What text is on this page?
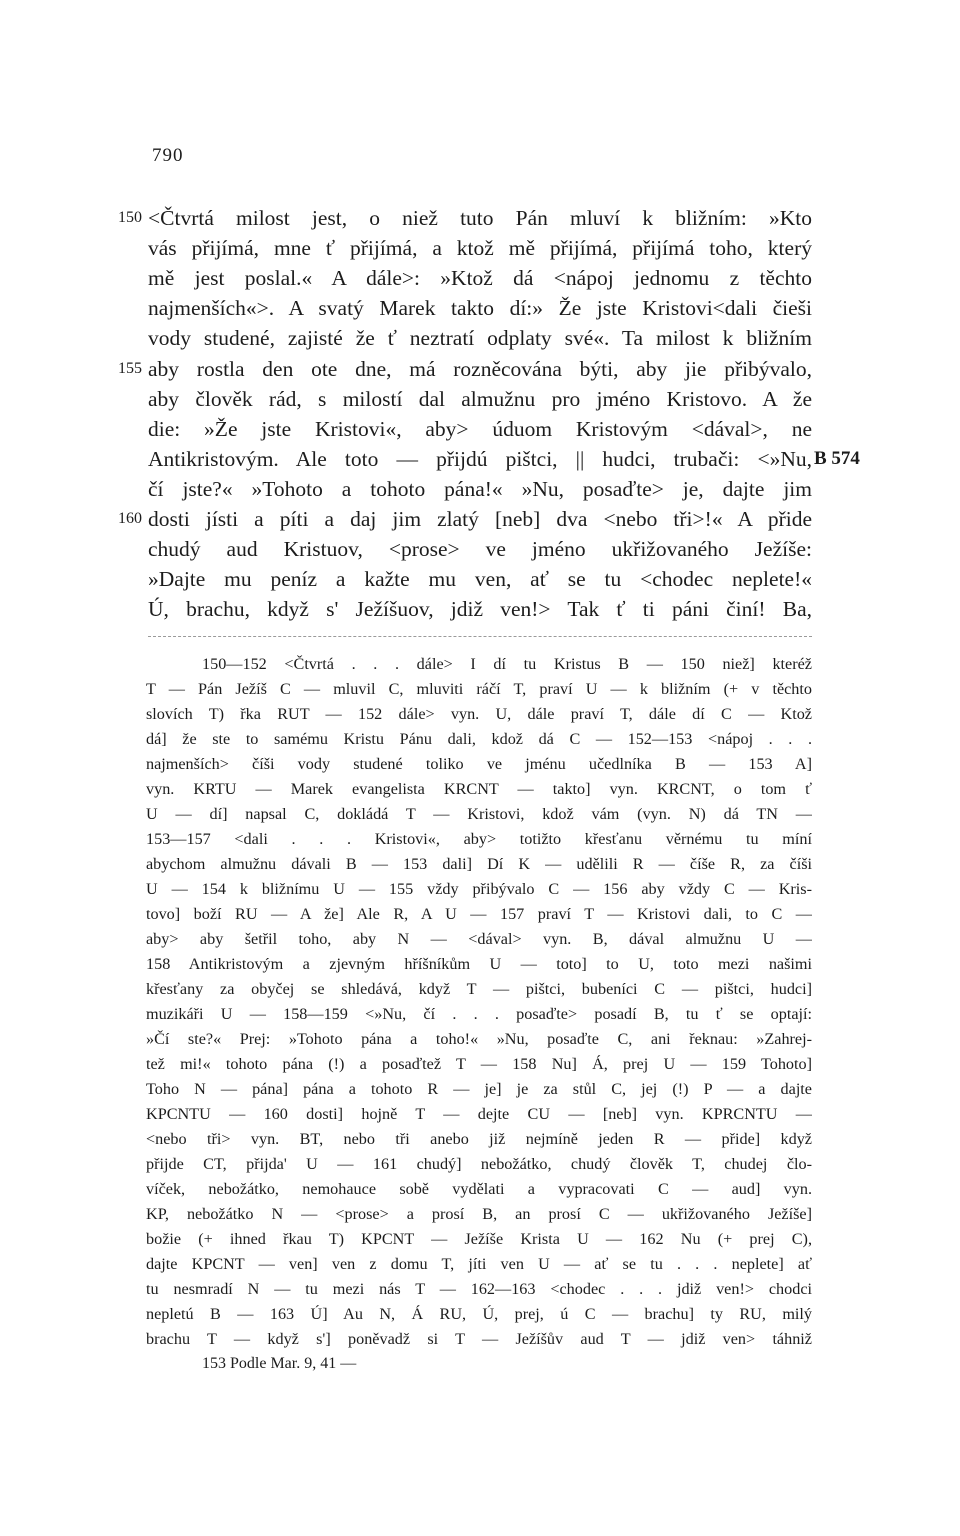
790
150 <Čtvrtá milost jest, o niež tuto Pán mluví k bližním: »Kto
vás přijímá, mne ť přijímá, a ktož mě přijímá, přijímá toho, který
mě jest poslal.« A dále>: »Ktož dá <nápoj jednomu z těchto
najmenších«>. A svatý Marek takto dí:» Že jste Kristovi<dali čieši
vody studené, zajisté že ť neztratí odplaty své«. Ta milost k bližním
155 aby rostla den ote dne, má rozněcována býti, aby jie přibývalo,
aby člověk rád, s milostí dal almužnu pro jméno Kristovo. A že
die: »Že jste Kristovi«, aby> úduom Kristovým <dával>, ne
Antikristovým. Ale toto — přijdú pištci, || hudci, trubači: <»Nu,
čí jste?« »Tohoto a tohoto pána!« »Nu, posaďte> je, dajte jim
160 dosti jísti a píti a daj jim zlatý [neb] dva <nebo tři>!« A přide
chudý aud Kristuov, <prose> ve jméno ukřižovaného Ježíše:
»Dajte mu peníz a kažte mu ven, ať se tu <chodec neplete!«
Ú, brachu, když s' Ježíšuov, jdiž ven!> Tak ť ti páni činí! Ba,
B 574
150—152 <Čtvrtá . . . dále> I dí tu Kristus B — 150 niež] kteréž
T — Pán Ježíš C — mluvil C, mluviti ráčí T, praví U — k bližním (+ v těchto
slovích T) řka RUT — 152 dále> vyn. U, dále praví T, dále dí C — Ktož
dá] že ste to samému Kristu Pánu dali, kdož dá C — 152—153 <nápoj . . .
najmenších> číši vody studené toliko ve jménu učedlníka B — 153 A]
vyn. KRTU — Marek evangelista KRCNT — takto] vyn. KRCNT, o tom ť
U — dí] napsal C, dokládá T — Kristovi, kdož vám (vyn. N) dá TN —
153—157 <dali . . . Kristovi«, aby> totižto křesťanu věrnému tu míní
abychom almužnu dávali B — 153 dali] Dí K — udělili R — číše R, za číši
U — 154 k bližnímu U — 155 vždy přibývalo C — 156 aby vždy C — Kris-
tovo] boží RU — A že] Ale R, A U — 157 praví T — Kristovi dali, to C —
aby> aby šetřil toho, aby N — <dával> vyn. B, dával almužnu U —
158 Antikristovým a zjevným hříšníkům U — toto] to U, toto mezi našimi
křesťany za obyčej se shledává, když T — pištci, bubeníci C — pištci, hudci]
muzikáři U — 158—159 <»Nu, čí . . . posaďte> posadí B, tu ť se optají:
»Čí ste?« Prej: »Tohoto pána a toho!« »Nu, posaďte C, ani řeknau: »Zahrej-
tež mi!« tohoto pána (!) a posaďtež T — 158 Nu] Á, prej U — 159 Tohoto]
Toho N — pána] pána a tohoto R — je] je za stůl C, jej (!) P — a dajte
KPCNTU — 160 dosti] hojně T — dejte CU — [neb] vyn. KPRCNTU —
<nebo tři> vyn. BT, nebo tři anebo již nejmíně jeden R — přide] když
přijde CT, přijda' U — 161 chudý] nebožátko, chudý člověk T, chudej člo-
víček, nebožátko, nemohauce sobě vydělati a vypracovati C — aud] vyn.
KP, nebožátko N — <prose> a prosí B, an prosí C — ukřižovaného Ježíše]
božie (+ ihned řkau T) KPCNT — Ježíše Krista U — 162 Nu (+ prej C),
dajte KPCNT — ven] ven z domu T, jíti ven U — ať se tu . . . neplete] ať
tu nesmradí N — tu mezi nás T — 162—163 <chodec . . . jdiž ven!> chodci
nepletú B — 163 Ú] Au N, Á RU, Ú, prej, ú C — brachu] ty RU, milý
brachu T — když s'] poněvadž si T — Ježíšův aud T — jdiž ven> táhniž
153 Podle Mar. 9, 41 —
